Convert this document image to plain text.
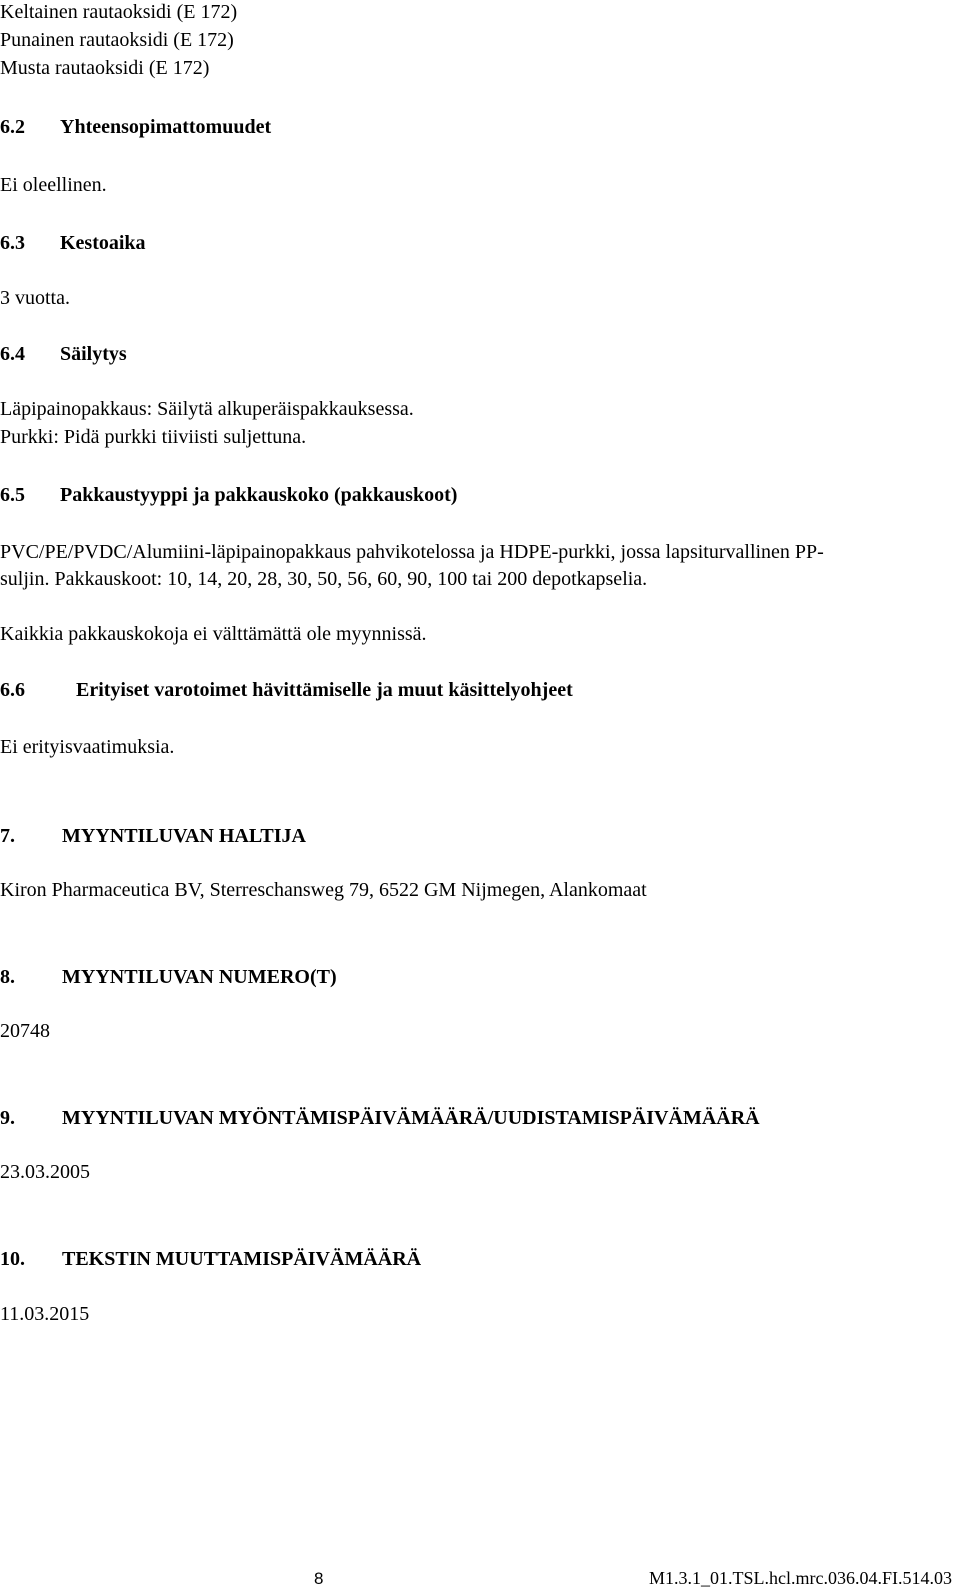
Keltainen rautaoksidi (E 172)
Punainen rautaoksidi (E 172)
Musta rautaoksidi (E 172)
6.2 Yhteensopimattomuudet
Ei oleellinen.
6.3 Kestoaika
3 vuotta.
6.4 Säilytys
Läpipainopakkaus: Säilytä alkuperäispakkauksessa.
Purkki: Pidä purkki tiiviisti suljettuna.
6.5 Pakkaustyyppi ja pakkauskoko (pakkauskoot)
PVC/PE/PVDC/Alumiini-läpipainopakkaus pahvikotelossa ja HDPE-purkki, jossa lapsiturvallinen PP-
suljin. Pakkauskoot: 10, 14, 20, 28, 30, 50, 56, 60, 90, 100 tai 200 depotkapselia.
Kaikkia pakkauskokoja ei välttämättä ole myynnissä.
6.6	Erityiset varotoimet hävittämiselle ja muut käsittelyohjeet
Ei erityisvaatimuksia.
7. MYYNTILUVAN HALTIJA
Kiron Pharmaceutica BV, Sterreschansweg 79, 6522 GM Nijmegen, Alankomaat
8. MYYNTILUVAN NUMERO(T)
20748
9. MYYNTILUVAN MYÖNTÄMISPÄIVÄMÄÄRÄ/UUDISTAMISPÄIVÄMÄÄRÄ
23.03.2005
10. TEKSTIN MUUTTAMISPÄIVÄMÄÄRÄ
11.03.2015
8	M1.3.1_01.TSL.hcl.mrc.036.04.FI.514.03
